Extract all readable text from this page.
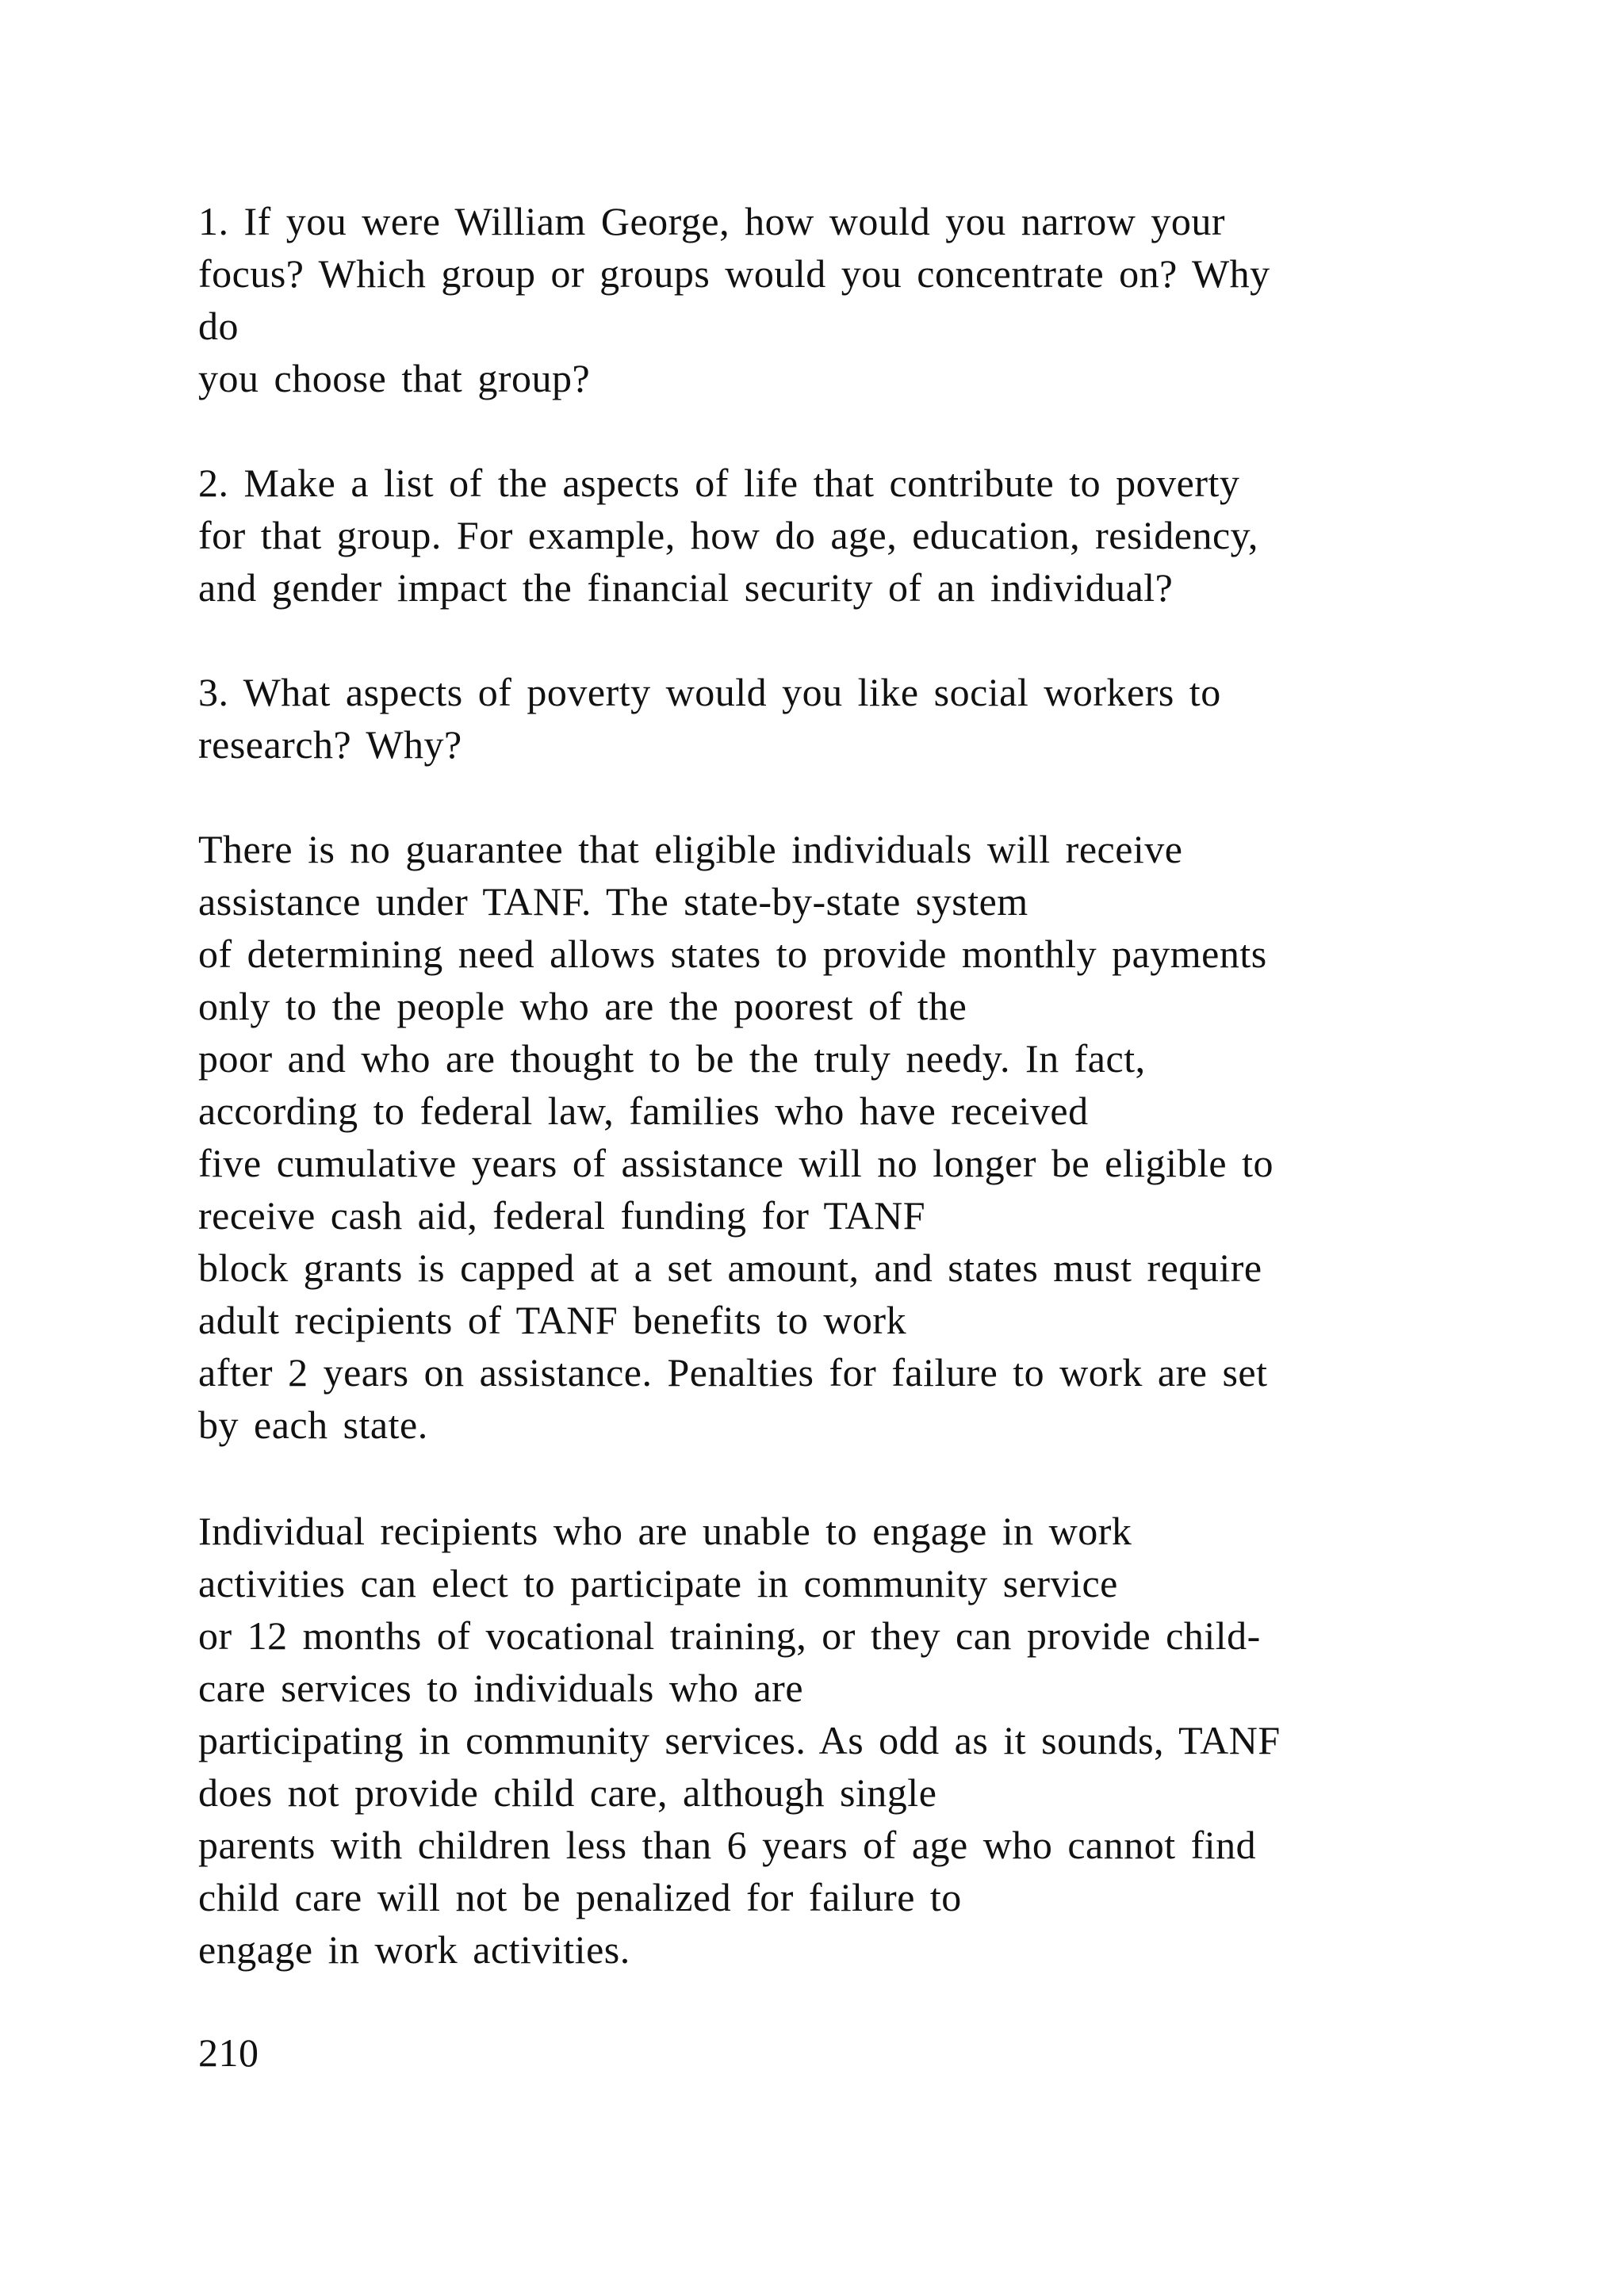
1. If you were William George, how would you narrow your
focus? Which group or groups would you concentrate on? Why
do
you choose that group?
2. Make a list of the aspects of life that contribute to poverty
for that group. For example, how do age, education, residency,
and gender impact the financial security of an individual?
3. What aspects of poverty would you like social workers to
research? Why?
There is no guarantee that eligible individuals will receive
assistance under TANF. The state-by-state system
of determining need allows states to provide monthly payments
only to the people who are the poorest of the
poor and who are thought to be the truly needy. In fact,
according to federal law, families who have received
five cumulative years of assistance will no longer be eligible to
receive cash aid, federal funding for TANF
block grants is capped at a set amount, and states must require
adult recipients of TANF benefits to work
after 2 years on assistance. Penalties for failure to work are set
by each state.
Individual recipients who are unable to engage in work
activities can elect to participate in community service
or 12 months of vocational training, or they can provide child-
care services to individuals who are
participating in community services. As odd as it sounds, TANF
does not provide child care, although single
parents with children less than 6 years of age who cannot find
child care will not be penalized for failure to
engage in work activities.
210
